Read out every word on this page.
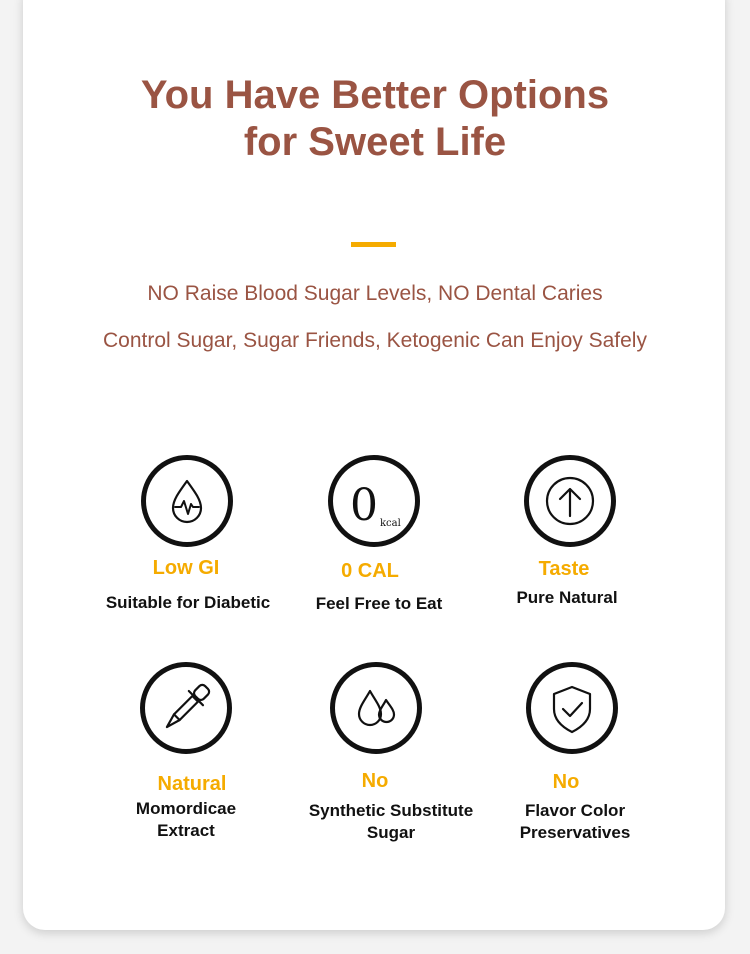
You Have Better Options
for Sweet Life
NO Raise Blood Sugar Levels, NO Dental Caries
Control Sugar, Sugar Friends, Ketogenic Can Enjoy Safely
Low GI
Suitable for Diabetic
0 kcal
0 CAL
Feel Free to Eat
Taste
Pure Natural
Natural
Momordicae
Extract
No
Synthetic Substitute
Sugar
No
Flavor Color
Preservatives
